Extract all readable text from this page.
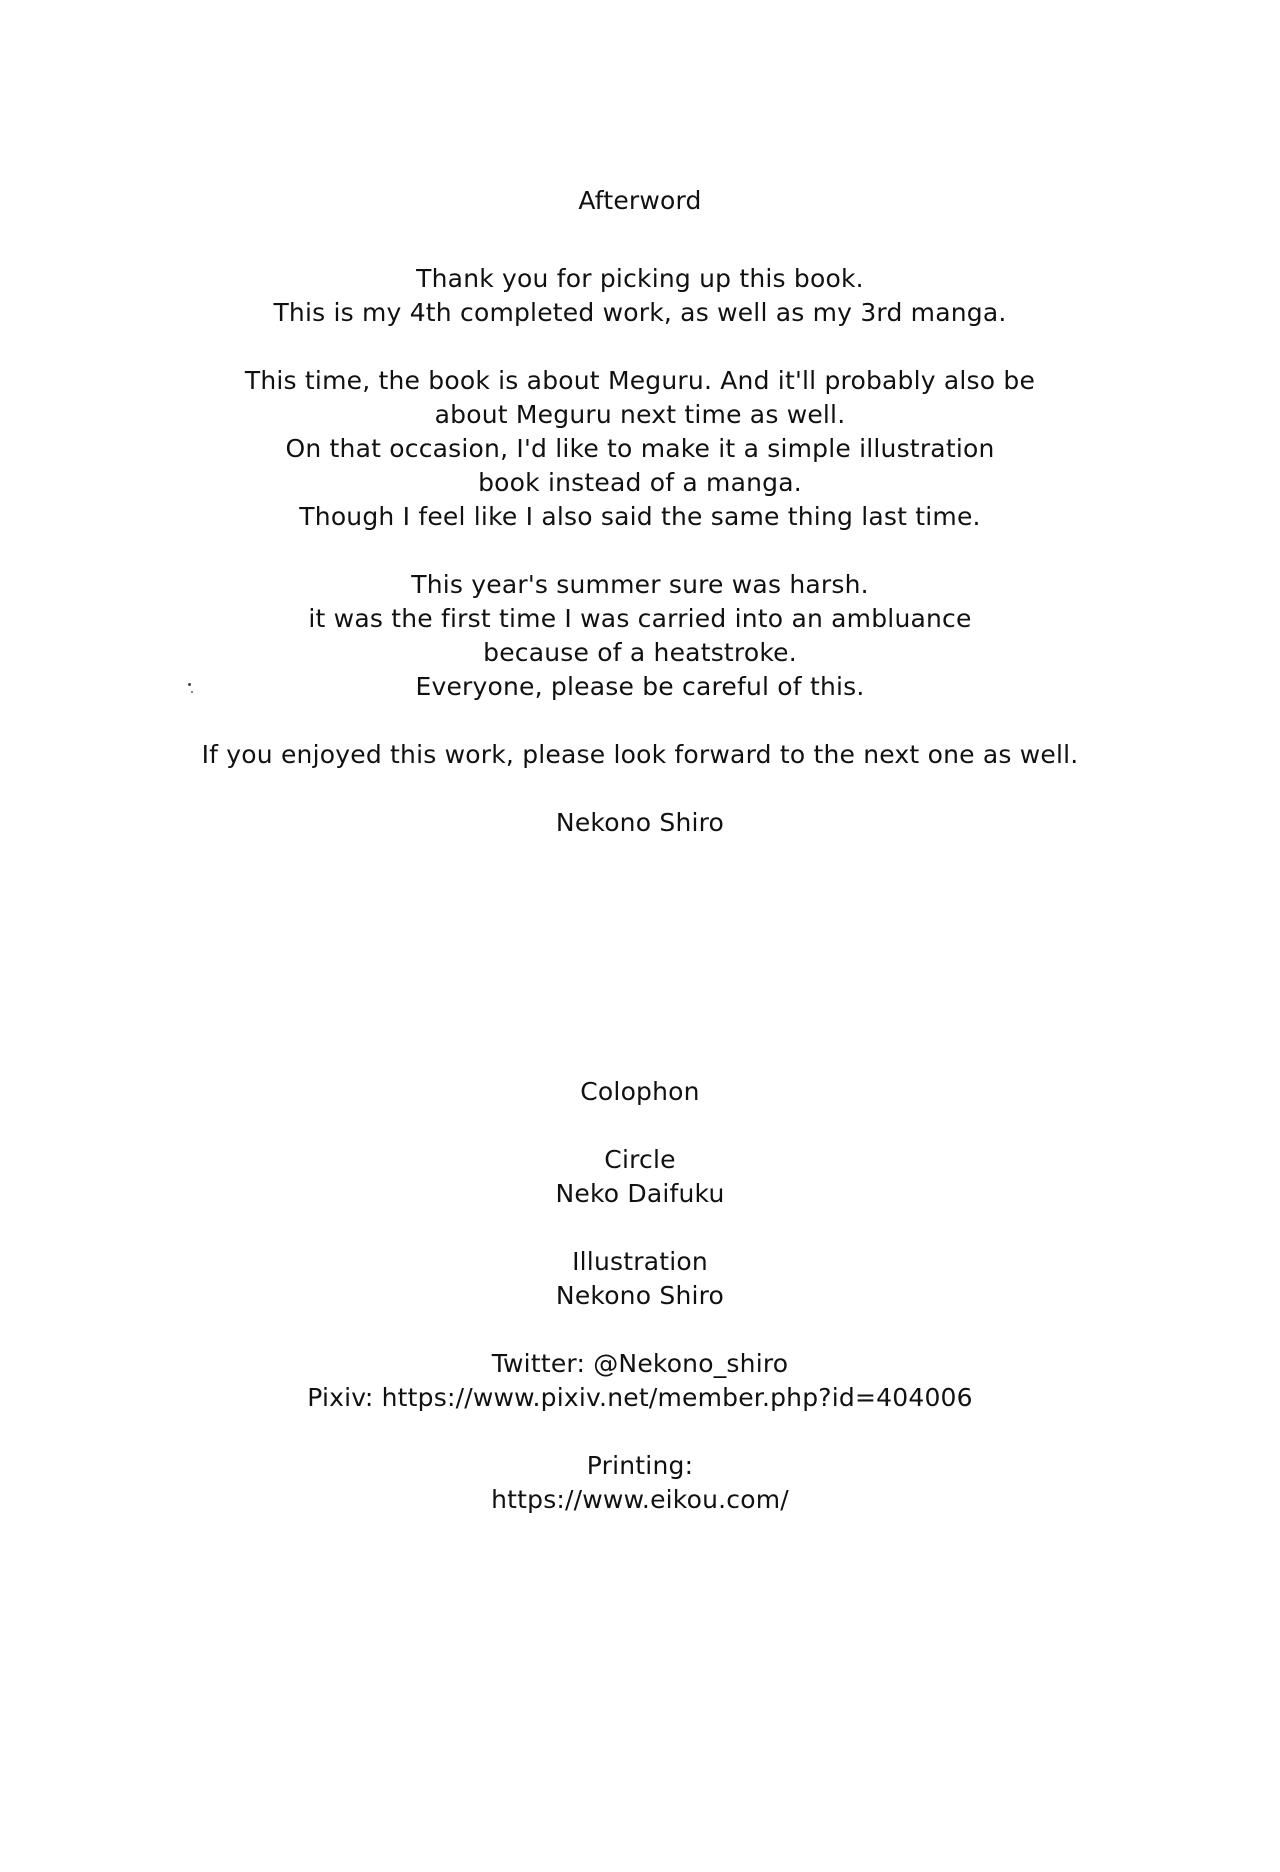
Afterword
Thank you for picking up this book.
This is my 4th completed work, as well as my 3rd manga.
This time, the book is about Meguru. And it'll probably also be
about Meguru next time as well.
On that occasion, I'd like to make it a simple illustration
book instead of a manga.
Though I feel like I also said the same thing last time.
This year's summer sure was harsh.
it was the first time I was carried into an ambluance
because of a heatstroke.
Everyone, please be careful of this.
If you enjoyed this work, please look forward to the next one as well.
Nekono Shiro
Colophon
Circle
Neko Daifuku
Illustration
Nekono Shiro
Twitter: @Nekono_shiro
Pixiv: https://www.pixiv.net/member.php?id=404006
Printing:
https://www.eikou.com/
